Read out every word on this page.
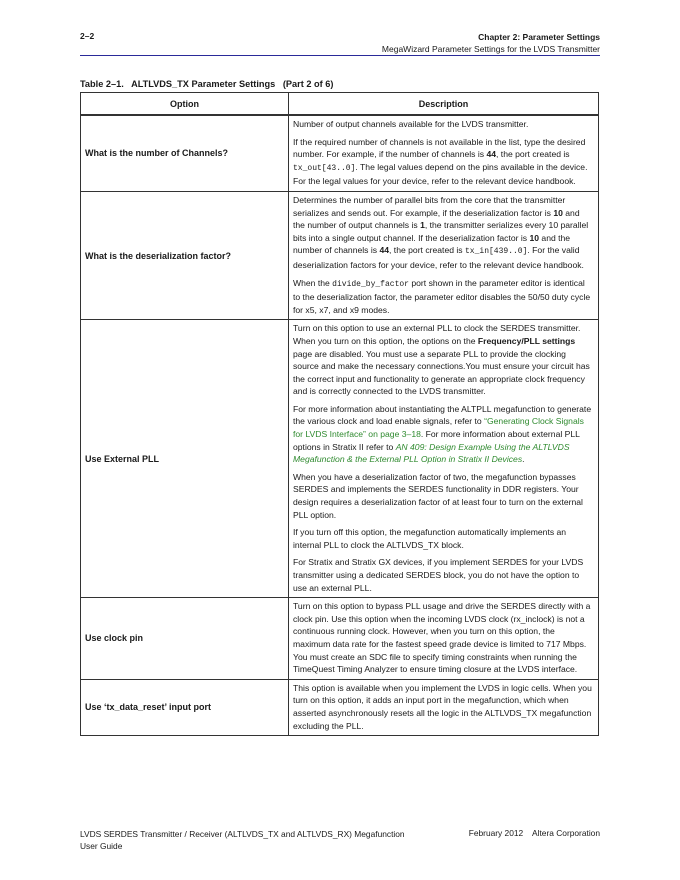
2–2	Chapter 2: Parameter Settings
MegaWizard Parameter Settings for the LVDS Transmitter
Table 2–1.   ALTLVDS_TX Parameter Settings   (Part 2 of 6)
Option	Description
What is the number of Channels?	Number of output channels available for the LVDS transmitter.

If the required number of channels is not available in the list, type the desired number. For example, if the number of channels is 44, the port created is tx_out[43..0]. The legal values depend on the pins available in the device. For the legal values for your device, refer to the relevant device handbook.

What is the deserialization factor?	Determines the number of parallel bits from the core that the transmitter serializes and sends out. For example, if the deserialization factor is 10 and the number of output channels is 1, the transmitter serializes every 10 parallel bits into a single output channel. If the deserialization factor is 10 and the number of channels is 44, the port created is tx_in[439..0]. For the valid deserialization factors for your device, refer to the relevant device handbook.

When the divide_by_factor port shown in the parameter editor is identical to the deserialization factor, the parameter editor disables the 50/50 duty cycle for x5, x7, and x9 modes.

Use External PLL	Turn on this option to use an external PLL to clock the SERDES transmitter. When you turn on this option, the options on the Frequency/PLL settings page are disabled. You must use a separate PLL to provide the clocking source and make the necessary connections.You must ensure your circuit has the correct input and functionality to generate an appropriate clock frequency and is correctly connected to the LVDS transmitter.

For more information about instantiating the ALTPLL megafunction to generate the various clock and load enable signals, refer to “Generating Clock Signals for LVDS Interface” on page 3–18. For more information about external PLL options in Stratix II refer to AN 409: Design Example Using the ALTLVDS Megafunction & the External PLL Option in Stratix II Devices.

When you have a deserialization factor of two, the megafunction bypasses SERDES and implements the SERDES functionality in DDR registers. Your design requires a deserialization factor of at least four to turn on the external PLL option.

If you turn off this option, the megafunction automatically implements an internal PLL to clock the ALTLVDS_TX block.

For Stratix and Stratix GX devices, if you implement SERDES for your LVDS transmitter using a dedicated SERDES block, you do not have the option to use an external PLL.

Use clock pin	Turn on this option to bypass PLL usage and drive the SERDES directly with a clock pin. Use this option when the incoming LVDS clock (rx_inclock) is not a continuous running clock. However, when you turn on this option, the maximum data rate for the fastest speed grade device is limited to 717 Mbps. You must create an SDC file to specify timing constraints when running the TimeQuest Timing Analyzer to ensure timing closure at the LVDS interface.

Use ‘tx_data_reset’ input port	This option is available when you implement the LVDS in logic cells. When you turn on this option, it adds an input port in the megafunction, which when asserted asynchronously resets all the logic in the ALTLVDS_TX megafunction excluding the PLL.

LVDS SERDES Transmitter / Receiver (ALTLVDS_TX and ALTLVDS_RX) Megafunction
User Guide
February 2012    Altera Corporation
